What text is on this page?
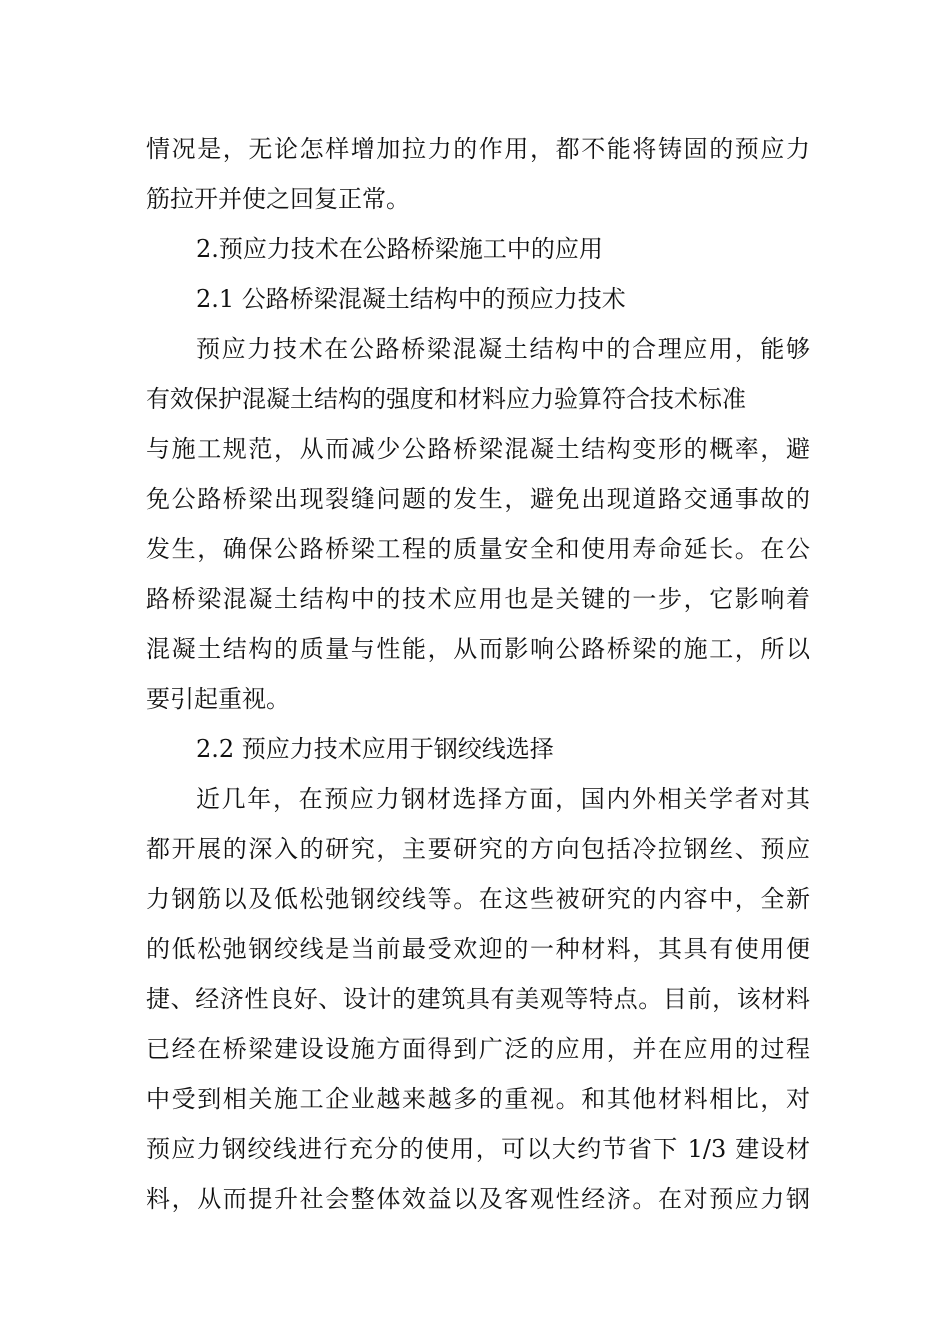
情况是，无论怎样增加拉力的作用，都不能将铸固的预应力
筋拉开并使之回复正常。
2.预应力技术在公路桥梁施工中的应用
2.1 公路桥梁混凝土结构中的预应力技术
预应力技术在公路桥梁混凝土结构中的合理应用，能够
有效保护混凝土结构的强度和材料应力验算符合技术标准
与施工规范，从而减少公路桥梁混凝土结构变形的概率，避
免公路桥梁出现裂缝问题的发生，避免出现道路交通事故的
发生，确保公路桥梁工程的质量安全和使用寿命延长。在公
路桥梁混凝土结构中的技术应用也是关键的一步，它影响着
混凝土结构的质量与性能，从而影响公路桥梁的施工，所以
要引起重视。
2.2 预应力技术应用于钢绞线选择
近几年，在预应力钢材选择方面，国内外相关学者对其
都开展的深入的研究，主要研究的方向包括冷拉钢丝、预应
力钢筋以及低松弛钢绞线等。在这些被研究的内容中，全新
的低松弛钢绞线是当前最受欢迎的一种材料，其具有使用便
捷、经济性良好、设计的建筑具有美观等特点。目前，该材料
已经在桥梁建设设施方面得到广泛的应用，并在应用的过程
中受到相关施工企业越来越多的重视。和其他材料相比，对
预应力钢绞线进行充分的使用，可以大约节省下 1/3 建设材
料，从而提升社会整体效益以及客观性经济。在对预应力钢
